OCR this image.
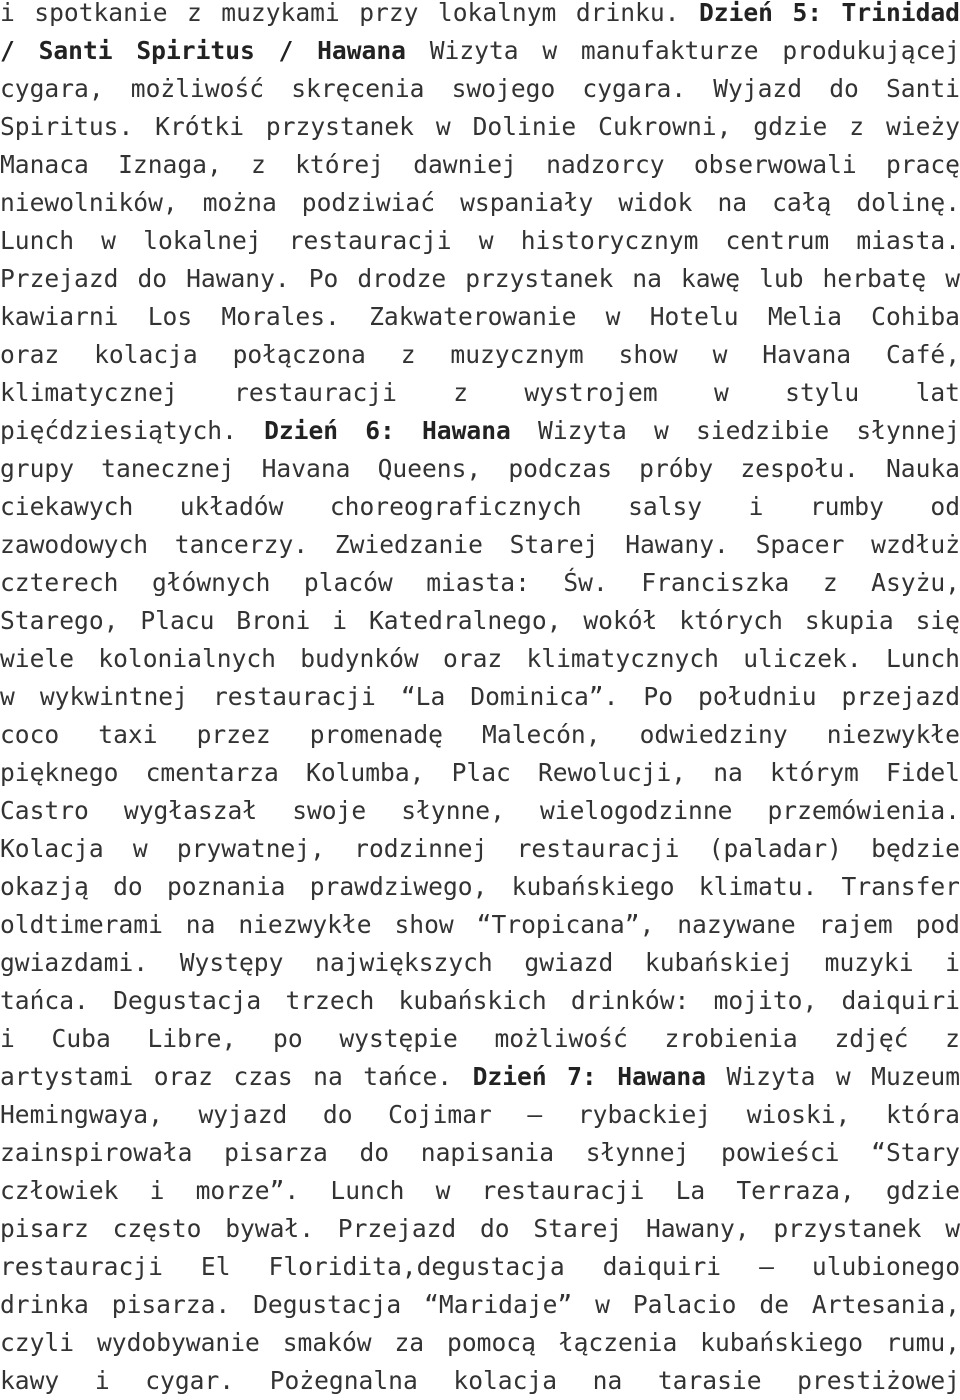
i spotkanie z muzykami przy lokalnym drinku. Dzień 5: Trinidad
/ Santi Spiritus / Hawana Wizyta w manufakturze produkującej
cygara, możliwość skręcenia swojego cygara. Wyjazd do Santi
Spiritus. Krótki przystanek w Dolinie Cukrowni, gdzie z wieży
Manaca Iznaga, z której dawniej nadzorcy obserwowali pracę
niewolników, można podziwiać wspaniały widok na całą dolinę.
Lunch w lokalnej restauracji w historycznym centrum miasta.
Przejazd do Hawany. Po drodze przystanek na kawę lub herbatę w
kawiarni Los Morales. Zakwaterowanie w Hotelu Melia Cohiba
oraz kolacja połączona z muzycznym show w Havana Café,
klimatycznej restauracji z wystrojem w stylu lat
pięćdziesiątych. Dzień 6: Hawana Wizyta w siedzibie słynnej
grupy tanecznej Havana Queens, podczas próby zespołu. Nauka
ciekawych układów choreograficznych salsy i rumby od
zawodowych tancerzy. Zwiedzanie Starej Hawany. Spacer wzdłuż
czterech głównych placów miasta: Św. Franciszka z Asyżu,
Starego, Placu Broni i Katedralnego, wokół których skupia się
wiele kolonialnych budynków oraz klimatycznych uliczek. Lunch
w wykwintnej restauracji “La Dominica”. Po południu przejazd
coco taxi przez promenadę Malecón, odwiedziny niezwykłe
pięknego cmentarza Kolumba, Plac Rewolucji, na którym Fidel
Castro wygłaszał swoje słynne, wielogodzinne przemówienia.
Kolacja w prywatnej, rodzinnej restauracji (paladar) będzie
okazją do poznania prawdziwego, kubańskiego klimatu. Transfer
oldtimerami na niezwykłe show “Tropicana”, nazywane rajem pod
gwiazdami. Występy największych gwiazd kubańskiej muzyki i
tańca. Degustacja trzech kubańskich drinków: mojito, daiquiri
i Cuba Libre, po występie możliwość zrobienia zdjęć z
artystami oraz czas na tańce. Dzień 7: Hawana Wizyta w Muzeum
Hemingwaya, wyjazd do Cojimar – rybackiej wioski, która
zainspirowała pisarza do napisania słynnej powieści “Stary
człowiek i morze”. Lunch w restauracji La Terraza, gdzie
pisarz często bywał. Przejazd do Starej Hawany, przystanek w
restauracji El Floridita,degustacja daiquiri – ulubionego
drinka pisarza. Degustacja “Maridaje” w Palacio de Artesania,
czyli wydobywanie smaków za pomocą łączenia kubańskiego rumu,
kawy i cygar. Pożegnalna kolacja na tarasie prestiżowej
